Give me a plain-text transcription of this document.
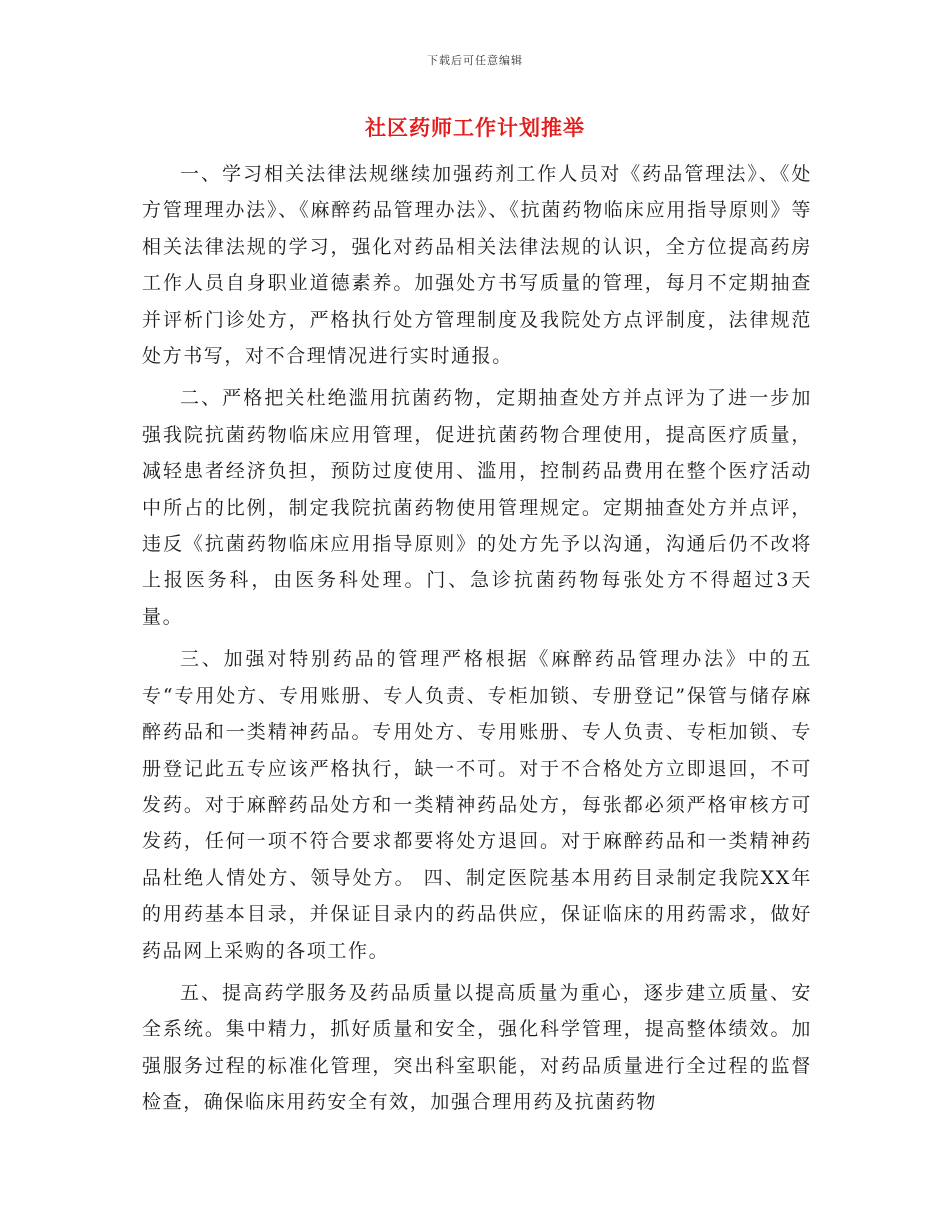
下载后可任意编辑
社区药师工作计划推举

一、学习相关法律法规继续加强药剂工作人员对《药品管理法》、《处方管理理办法》、《麻醉药品管理办法》、《抗菌药物临床应用指导原则》等相关法律法规的学习，强化对药品相关法律法规的认识，全方位提高药房工作人员自身职业道德素养。加强处方书写质量的管理，每月不定期抽查并评析门诊处方，严格执行处方管理制度及我院处方点评制度，法律规范处方书写，对不合理情况进行实时通报。

二、严格把关杜绝滥用抗菌药物，定期抽查处方并点评为了进一步加强我院抗菌药物临床应用管理，促进抗菌药物合理使用，提高医疗质量，减轻患者经济负担，预防过度使用、滥用，控制药品费用在整个医疗活动中所占的比例，制定我院抗菌药物使用管理规定。定期抽查处方并点评，违反《抗菌药物临床应用指导原则》的处方先予以沟通，沟通后仍不改将上报医务科，由医务科处理。门、急诊抗菌药物每张处方不得超过3天量。

三、加强对特别药品的管理严格根据《麻醉药品管理办法》中的五专“专用处方、专用账册、专人负责、专柜加锁、专册登记”保管与储存麻醉药品和一类精神药品。专用处方、专用账册、专人负责、专柜加锁、专册登记此五专应该严格执行，缺一不可。对于不合格处方立即退回，不可发药。对于麻醉药品处方和一类精神药品处方，每张都必须严格审核方可发药，任何一项不符合要求都要将处方退回。对于麻醉药品和一类精神药品杜绝人情处方、领导处方。 四、制定医院基本用药目录制定我院XX年的用药基本目录，并保证目录内的药品供应，保证临床的用药需求，做好药品网上采购的各项工作。

五、提高药学服务及药品质量以提高质量为重心，逐步建立质量、安全系统。集中精力，抓好质量和安全，强化科学管理，提高整体绩效。加强服务过程的标准化管理，突出科室职能，对药品质量进行全过程的监督检查，确保临床用药安全有效，加强合理用药及抗菌药物
